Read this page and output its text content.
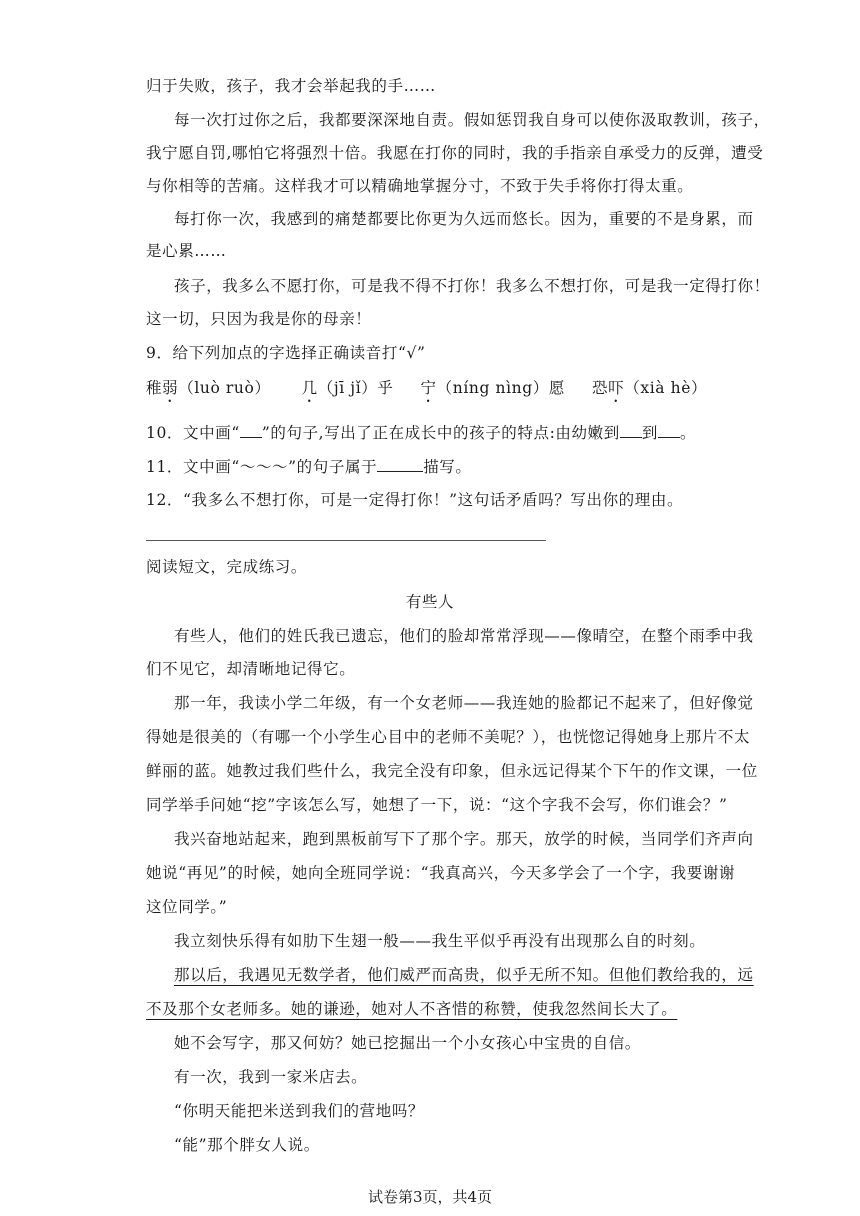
归于失败，孩子，我才会举起我的手……
每一次打过你之后，我都要深深地自责。假如惩罚我自身可以使你汲取教训，孩子，
我宁愿自罚,哪怕它将强烈十倍。我愿在打你的同时，我的手指亲自承受力的反弹，遭受
与你相等的苦痛。这样我才可以精确地掌握分寸，不致于失手将你打得太重。
每打你一次，我感到的痛楚都要比你更为久远而悠长。因为，重要的不是身累，而
是心累……
孩子，我多么不愿打你，可是我不得不打你！我多么不想打你，可是我一定得打你！
这一切，只因为我是你的母亲！
9．给下列加点的字选择正确读音打“√”
稚弱（luò ruò） 几（jī jǐ）乎 宁（níng nìng）愿 恐吓（xià hè）
10．文中画“ ”的句子,写出了正在成长中的孩子的特点:由幼嫩到 到 。
11．文中画“～～～”的句子属于	描写。
12．“我多么不想打你，可是一定得打你！”这句话矛盾吗？写出你的理由。
阅读短文，完成练习。
有些人
有些人，他们的姓氏我已遗忘，他们的脸却常常浮现——像晴空，在整个雨季中我
们不见它，却清晰地记得它。
那一年，我读小学二年级，有一个女老师——我连她的脸都记不起来了，但好像觉
得她是很美的（有哪一个小学生心目中的老师不美呢？），也恍惚记得她身上那片不太
鲜丽的蓝。她教过我们些什么，我完全没有印象，但永远记得某个下午的作文课，一位
同学举手问她“挖”字该怎么写，她想了一下，说：“这个字我不会写，你们谁会？”
我兴奋地站起来，跑到黑板前写下了那个字。那天，放学的时候，当同学们齐声向
她说“再见”的时候，她向全班同学说：“我真高兴，今天多学会了一个字，我要谢谢
这位同学。”
我立刻快乐得有如肋下生翅一般——我生平似乎再没有出现那么自的时刻。
那以后，我遇见无数学者，他们威严而高贵，似乎无所不知。但他们教给我的，远
不及那个女老师多。她的谦逊，她对人不吝惜的称赞，使我忽然间长大了。
她不会写字，那又何妨？她已挖掘出一个小女孩心中宝贵的自信。
有一次，我到一家米店去。
“你明天能把米送到我们的营地吗？
“能”那个胖女人说。
试卷第3页，共4页
